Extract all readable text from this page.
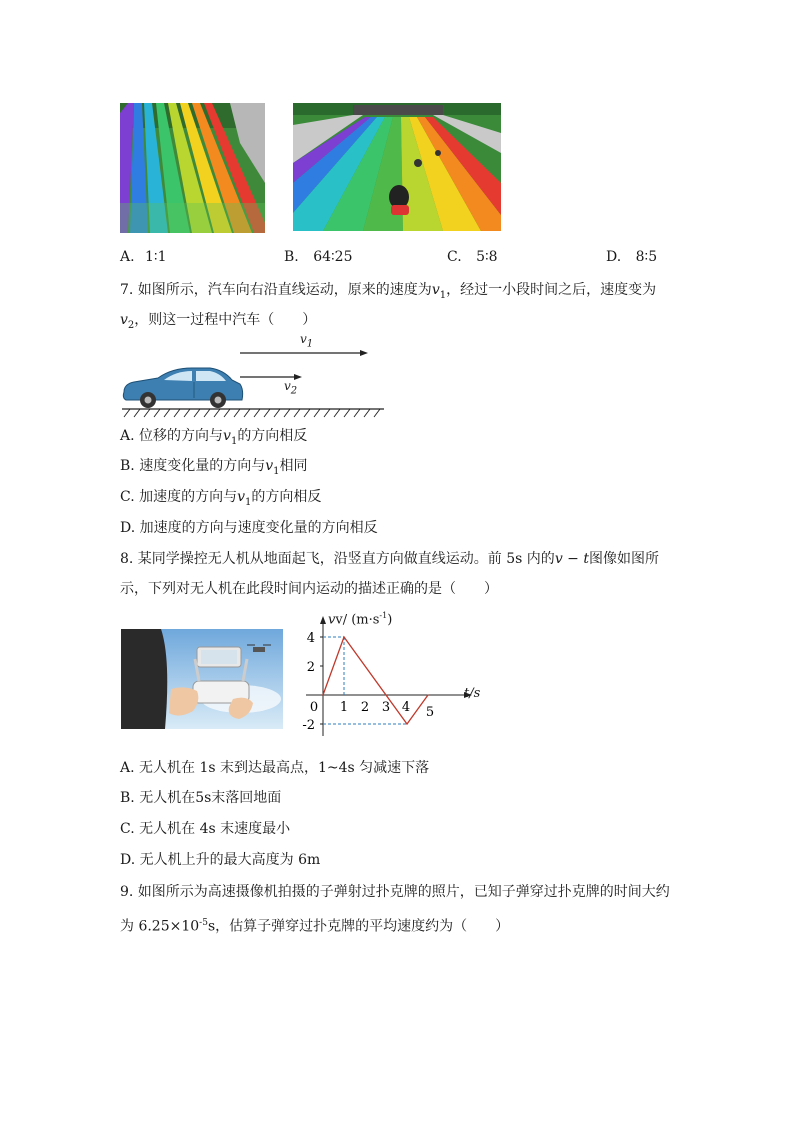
A. 1∶1	B. 64∶25	C. 5∶8	D. 8∶5
7. 如图所示，汽车向右沿直线运动，原来的速度为$v_1$，经过一小段时间之后，速度变为
$v_2$，则这一过程中汽车（　　）
$v_1$
$v_2$
A. 位移的方向与$v_1$的方向相反
B. 速度变化量的方向与$v_1$相同
C. 加速度的方向与$v_1$的方向相反
D. 加速度的方向与速度变化量的方向相反
8. 某同学操控无人机从地面起飞，沿竖直方向做直线运动。前 5s 内的v − t图像如图所
示，下列对无人机在此段时间内运动的描述正确的是（　　）
0 1 2 3 4 5
4
2
-2
vv/ $(m\cdot s^{-1})$
t/s
A. 无人机在 1s 末到达最高点，1~4s 匀减速下落
B. 无人机在5s末落回地面
C. 无人机在 4s 末速度最小
D. 无人机上升的最大高度为 6m
9. 如图所示为高速摄像机拍摄的子弹射过扑克牌的照片，已知子弹穿过扑克牌的时间大约
为 $6.25\times 10^{-5}s$，估算子弹穿过扑克牌的平均速度约为（　　）
